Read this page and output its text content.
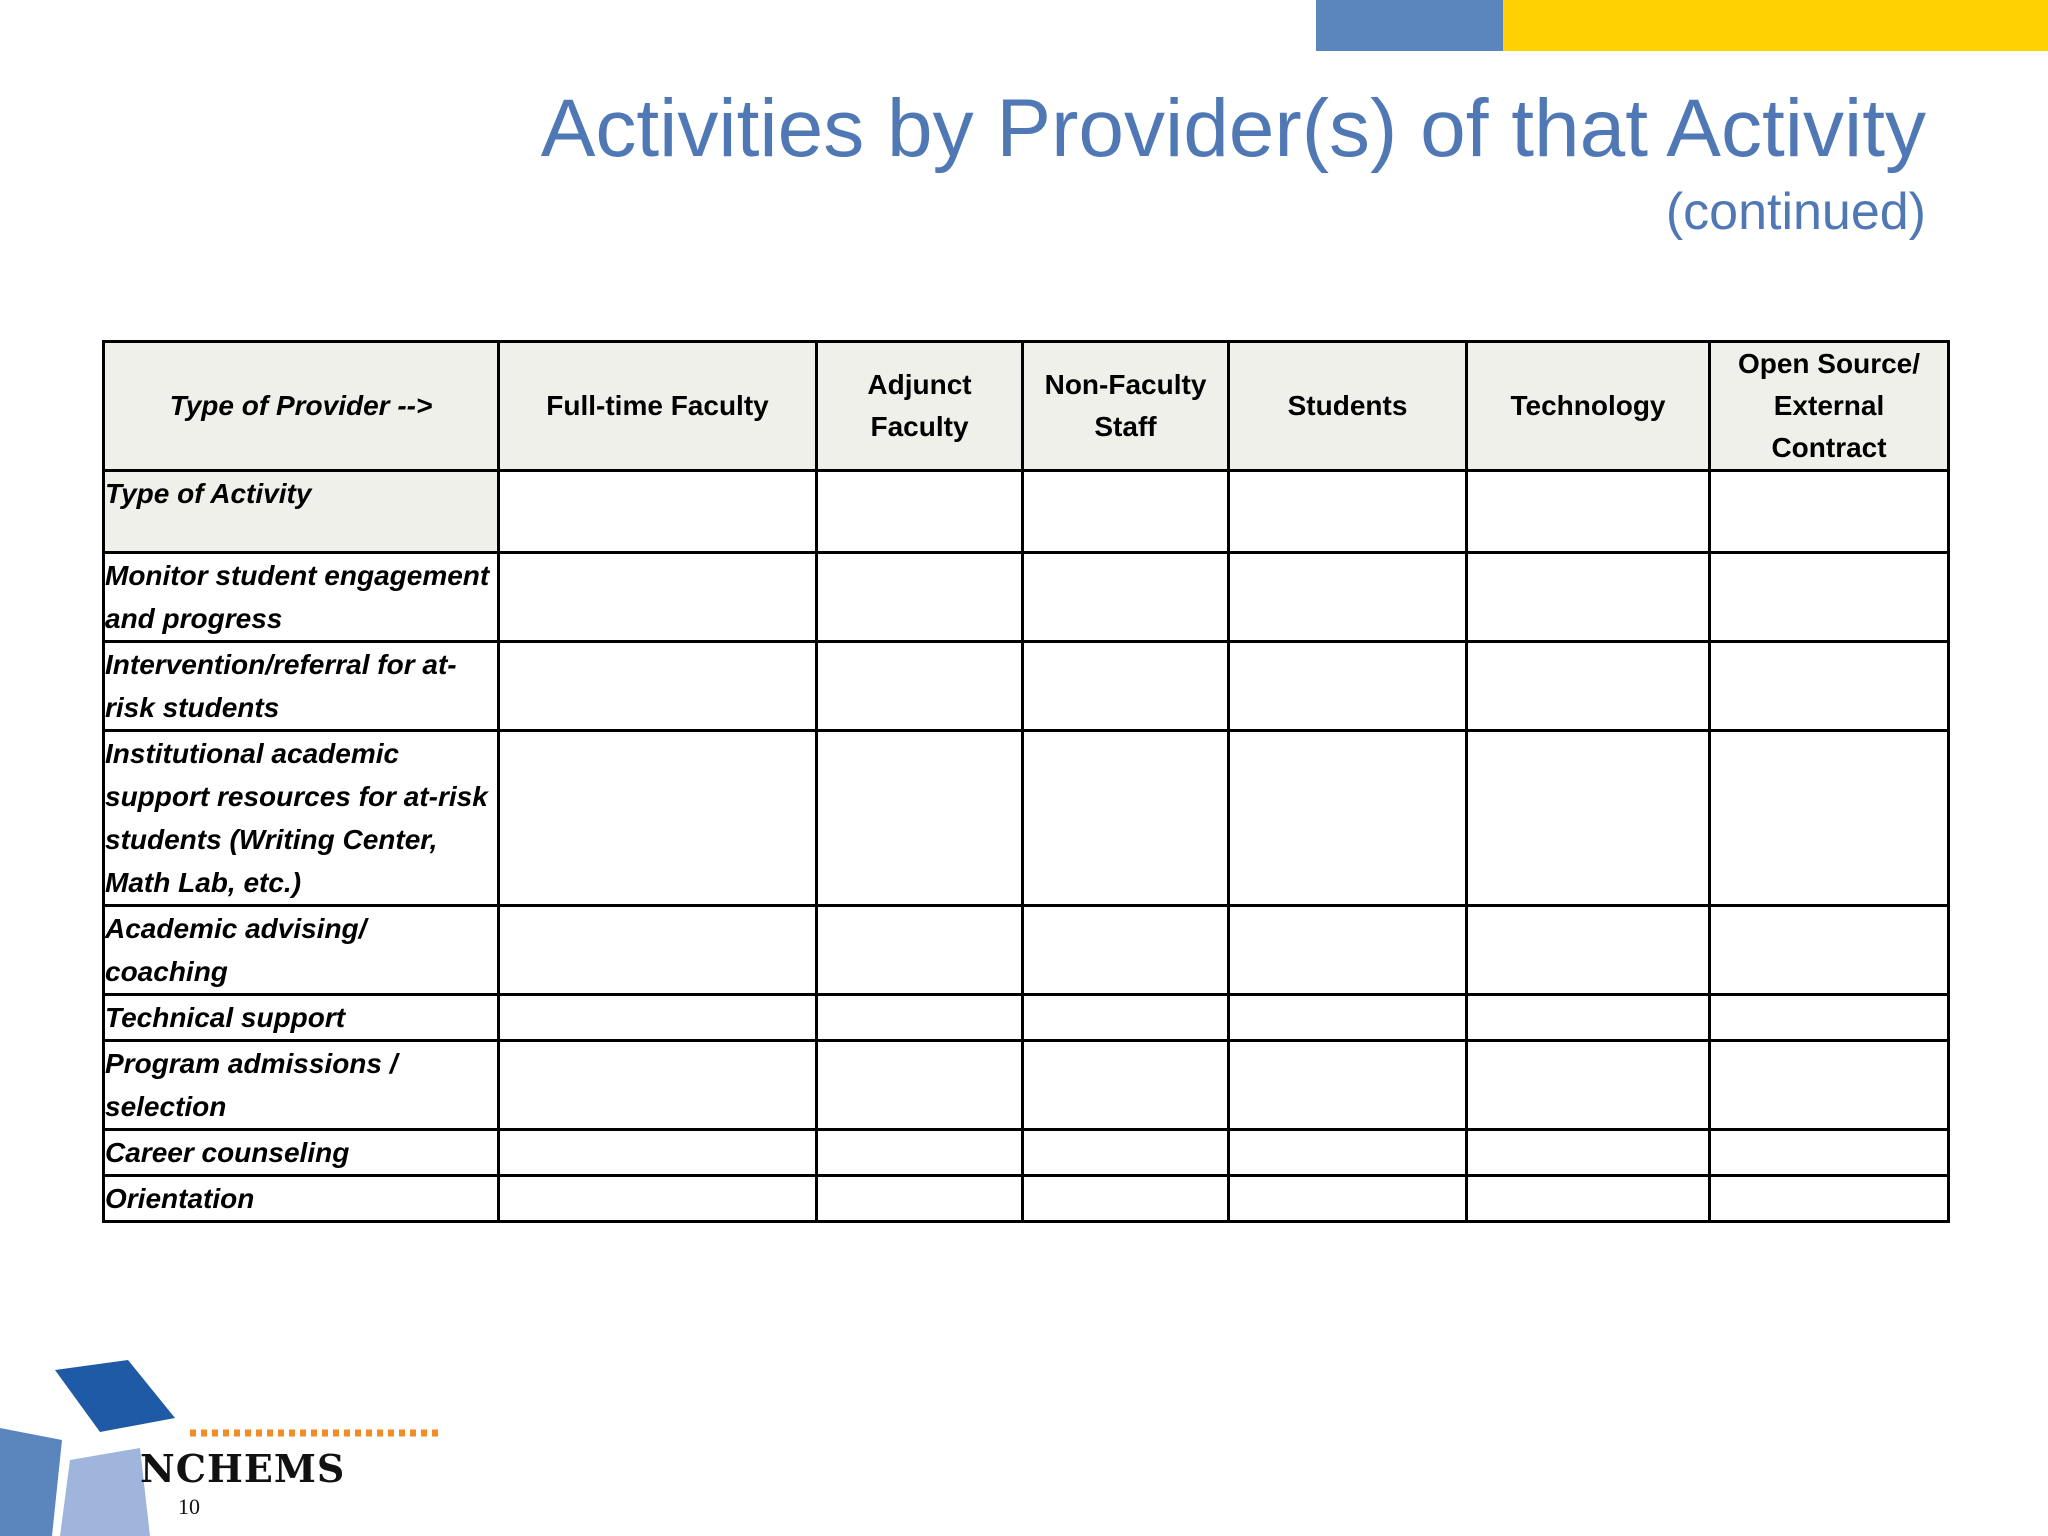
Activities by Provider(s) of that Activity
(continued)
Type of Provider -->	Full-time Faculty	Adjunct Faculty	Non-Faculty Staff	Students	Technology	Open Source/ External Contract
Type of Activity						
Monitor student engagement and progress						
Intervention/referral for at-risk students						
Institutional academic support resources for at-risk students (Writing Center, Math Lab, etc.)						
Academic advising/ coaching						
Technical support						
Program admissions / selection						
Career counseling						
Orientation						
NCHEMS
10
